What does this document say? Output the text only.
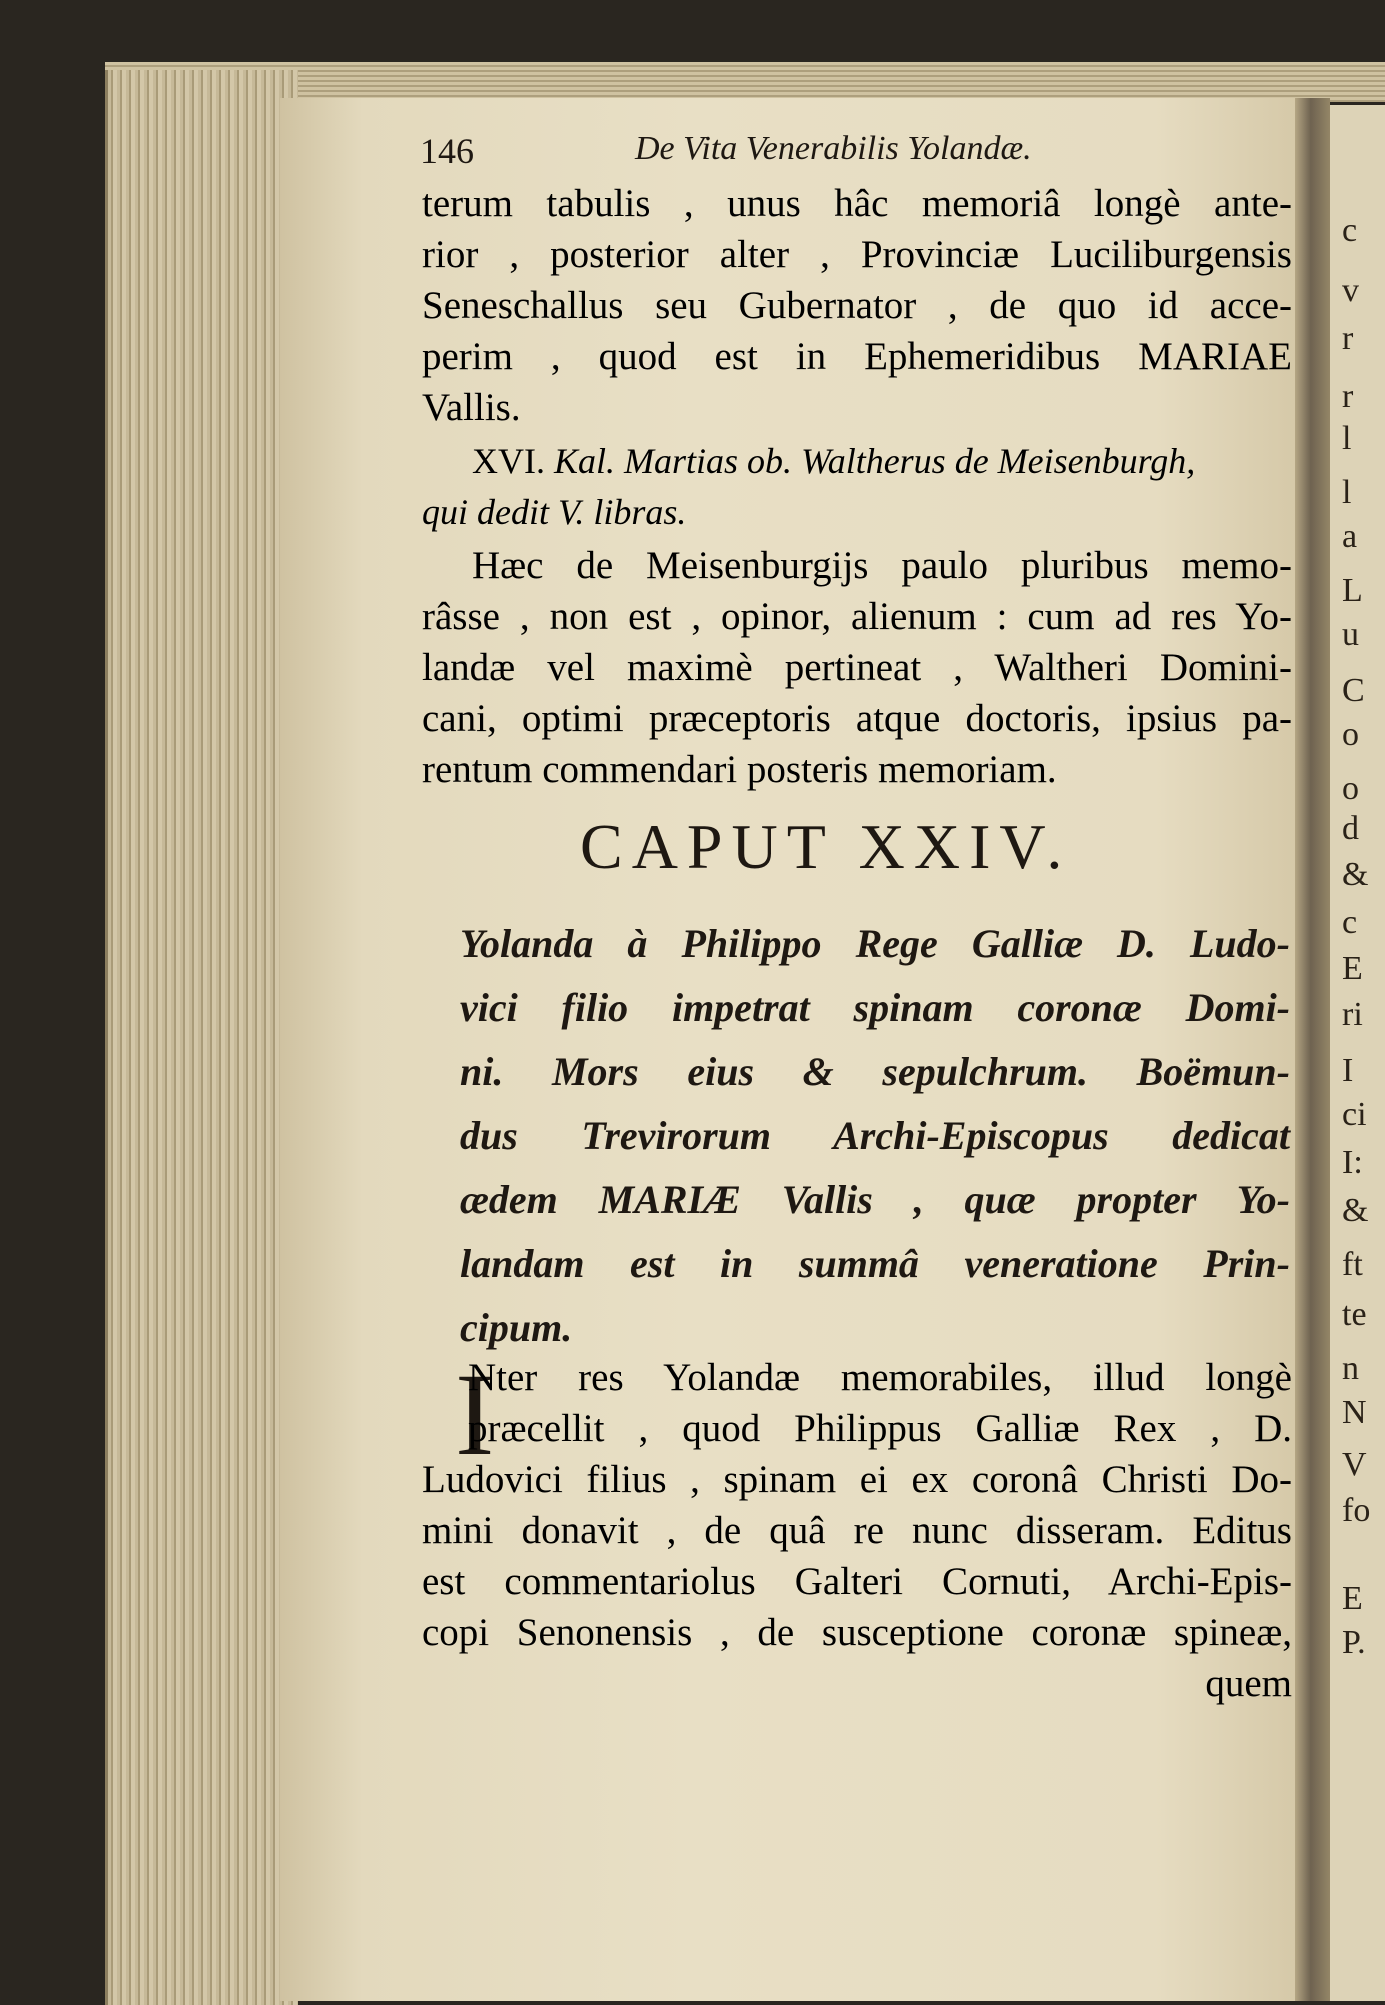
c
v
r
r
l
l
a
L
u
C
o
o
d
&
c
E
ri
I
ci
I:
&
ft
te
n
N
V
fo
E
P.
146	De Vita Venerabilis Yolandæ.
terum tabulis , unus hâc memoriâ longè ante-
rior , posterior alter , Provinciæ Luciliburgensis
Seneschallus seu Gubernator , de quo id acce-
perim , quod est in Ephemeridibus MARIAE
Vallis.
XVI. Kal. Martias ob. Waltherus de Meisenburgh,
qui dedit V. libras.
Hæc de Meisenburgijs paulo pluribus memo-
râsse , non est , opinor, alienum : cum ad res Yo-
landæ vel maximè pertineat , Waltheri Domini-
cani, optimi præceptoris atque doctoris, ipsius pa-
rentum commendari posteris memoriam.
CAPUT XXIV.
Yolanda à Philippo Rege Galliæ D. Ludo-
vici filio impetrat spinam coronæ Domi-
ni. Mors eius & sepulchrum. Boëmun-
dus Trevirorum Archi-Episcopus dedicat
ædem MARIÆ Vallis , quæ propter Yo-
landam est in summâ veneratione Prin-
cipum.
I
Nter res Yolandæ memorabiles, illud longè
præcellit , quod Philippus Galliæ Rex , D.
Ludovici filius , spinam ei ex coronâ Christi Do-
mini donavit , de quâ re nunc disseram. Editus
est commentariolus Galteri Cornuti, Archi-Epis-
copi Senonensis , de susceptione coronæ spineæ,
quem
